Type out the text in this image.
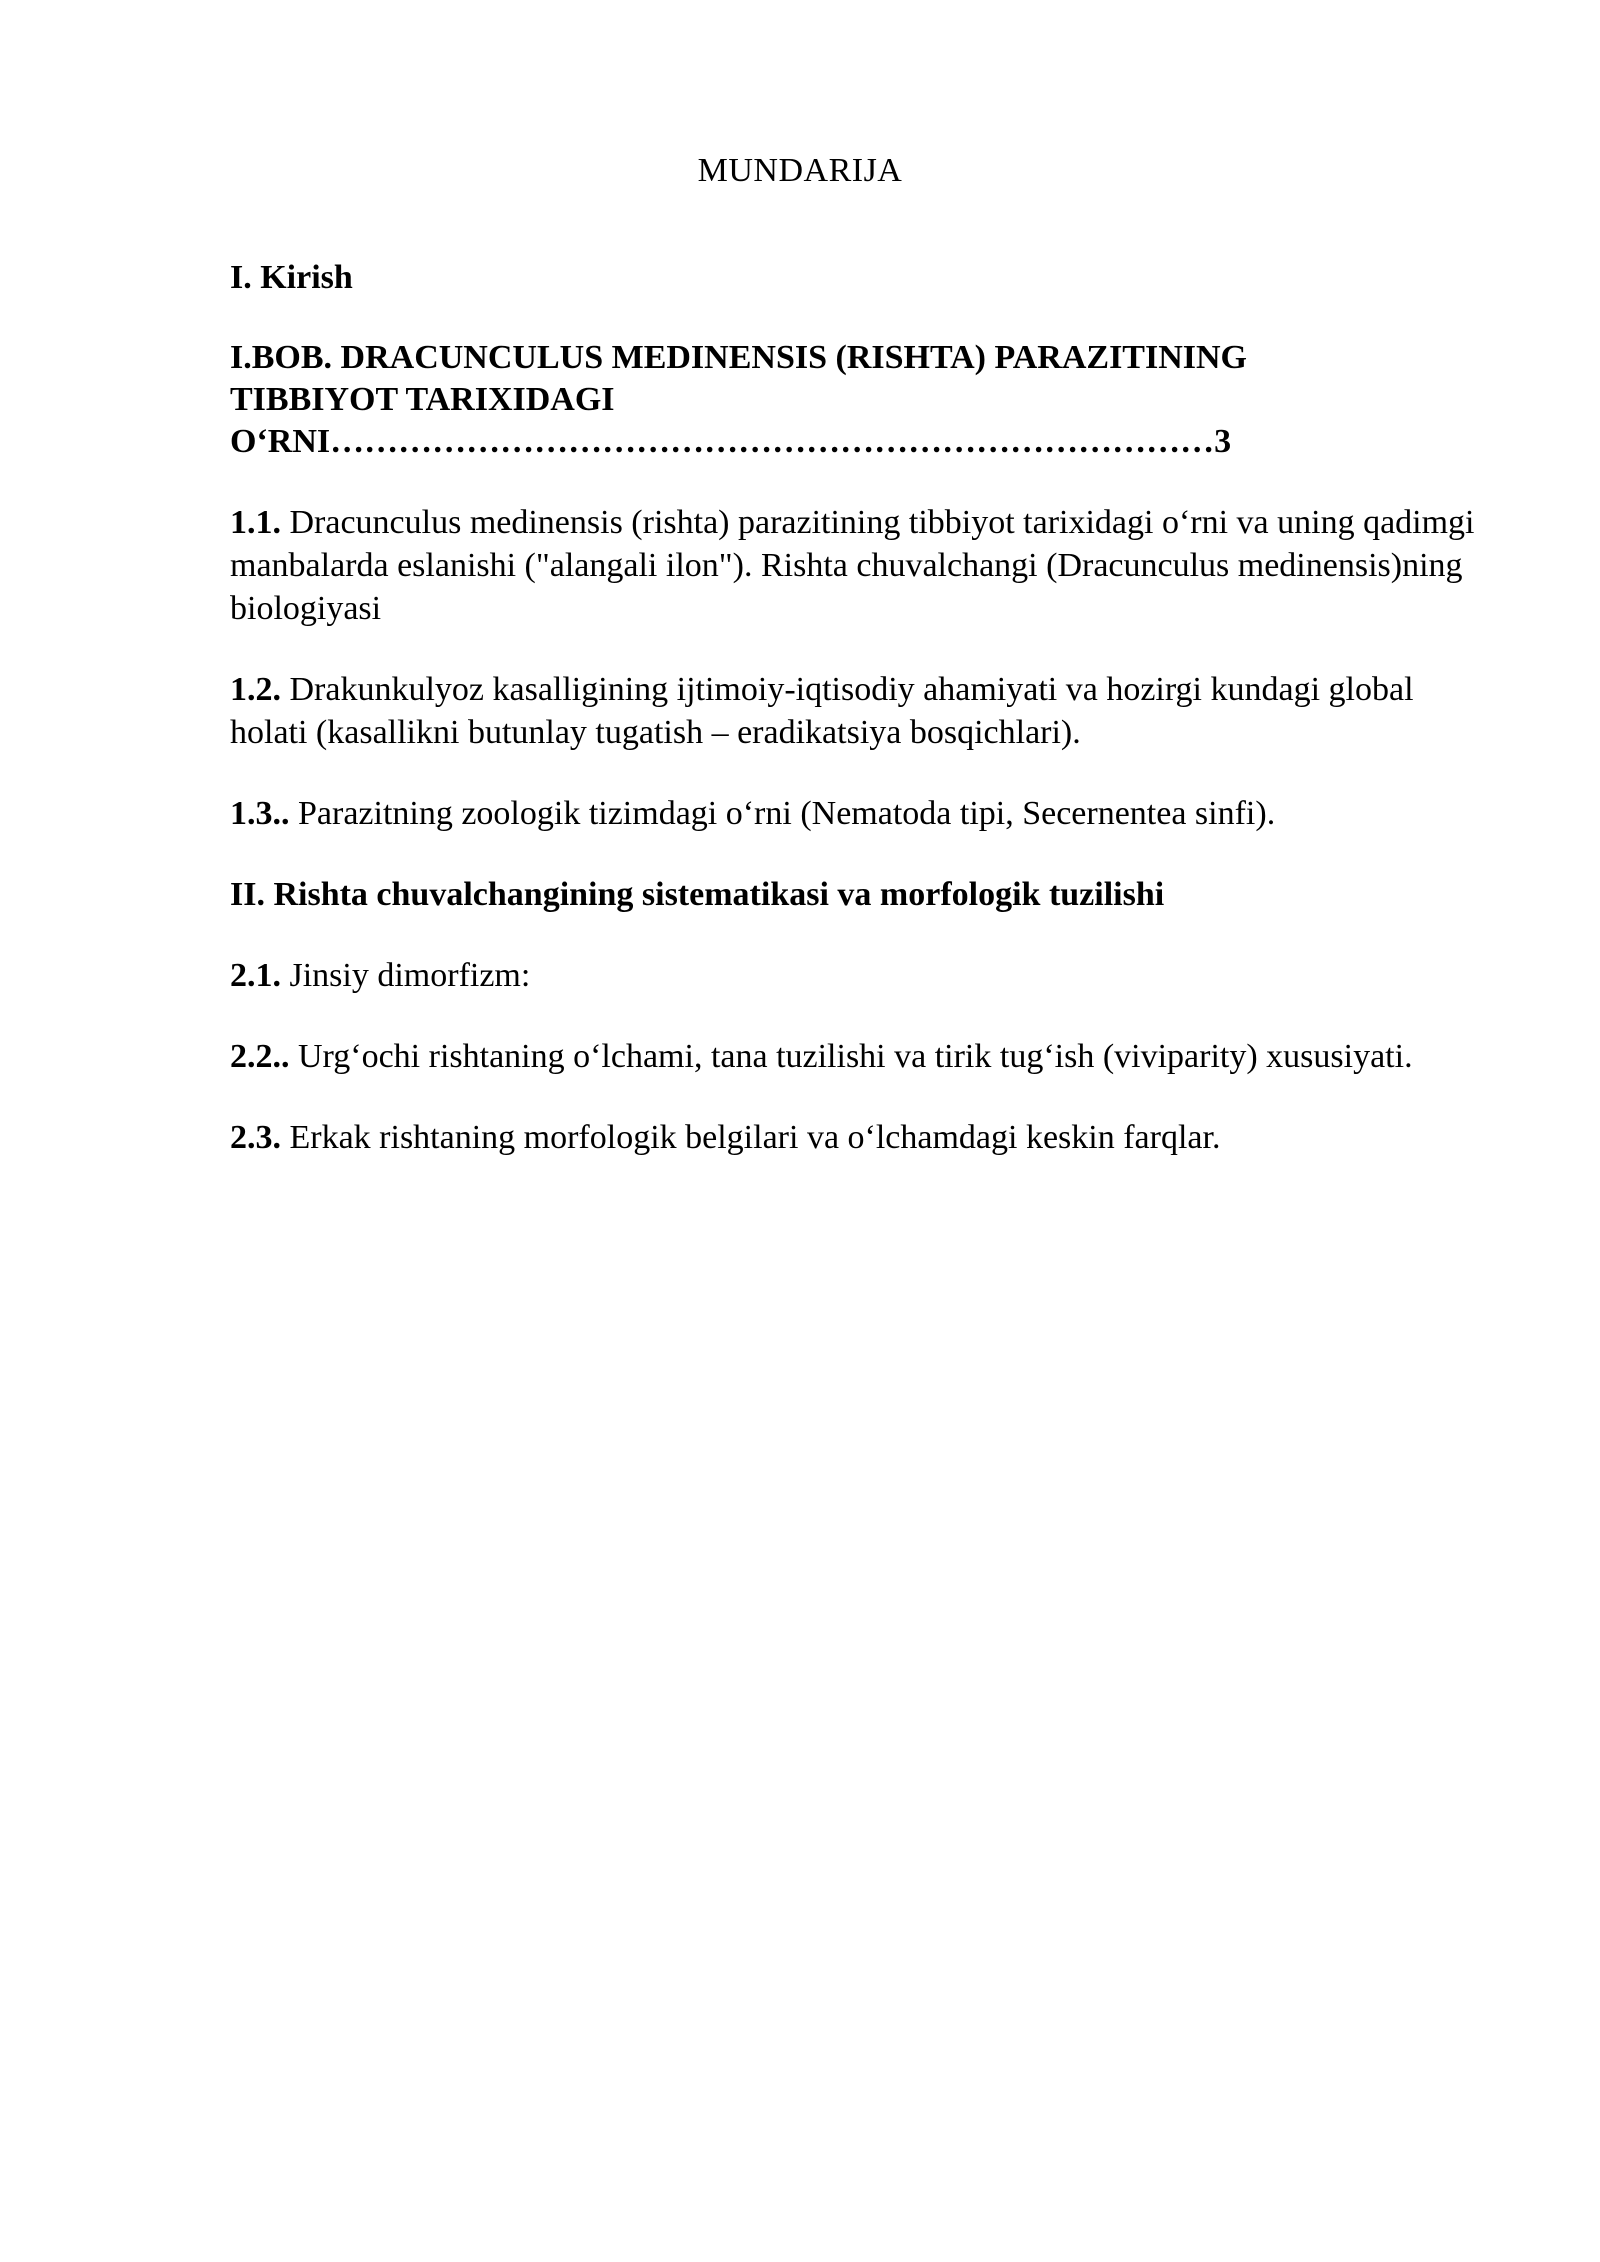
MUNDARIJA
I. Kirish
I.BOB. DRACUNCULUS MEDINENSIS (RISHTA) PARAZITINING
TIBBIYOT TARIXIDAGI
O‘RNI……………………………………………………………………3
1.1. Dracunculus medinensis (rishta) parazitining tibbiyot tarixidagi o‘rni va uning qadimgi manbalarda eslanishi ("alangali ilon"). Rishta chuvalchangi (Dracunculus medinensis)ning biologiyasi
1.2. Drakunkulyoz kasalligining ijtimoiy-iqtisodiy ahamiyati va hozirgi kundagi global holati (kasallikni butunlay tugatish – eradikatsiya bosqichlari).
1.3.. Parazitning zoologik tizimdagi o‘rni (Nematoda tipi, Secernentea sinfi).
II. Rishta chuvalchangining sistematikasi va morfologik tuzilishi
2.1. Jinsiy dimorfizm:
2.2.. Urg‘ochi rishtaning o‘lchami, tana tuzilishi va tirik tug‘ish (viviparity) xususiyati.
2.3. Erkak rishtaning morfologik belgilari va o‘lchamdagi keskin farqlar.
